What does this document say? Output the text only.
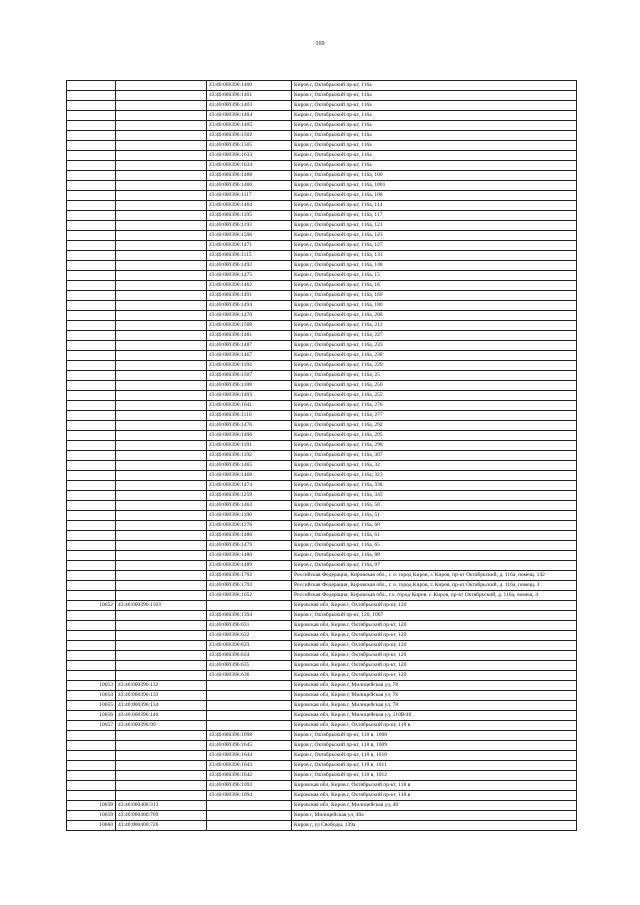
169
		43:40:000396:1400	Киров г, Октябрьский пр-кт, 116а
		43:40:000396:1401	Киров г, Октябрьский пр-кт, 116а
		43:40:000396:1403	Киров г, Октябрьский пр-кт, 116а
		43:40:000396:1404	Киров г, Октябрьский пр-кт, 116а
		43:40:000396:1405	Киров г, Октябрьский пр-кт, 116а
		43:40:000396:1502	Киров г, Октябрьский пр-кт, 116а
		43:40:000396:1505	Киров г, Октябрьский пр-кт, 116а
		43:40:000396:1633	Киров г, Октябрьский пр-кт, 116а
		43:40:000396:1634	Киров г, Октябрьский пр-кт, 116а
		43:40:000396:1488	Киров г, Октябрьский пр-кт, 116а, 100
		43:40:000396:1460	Киров г, Октябрьский пр-кт, 116а, 1001
		43:40:000396:1117	Киров г, Октябрьский пр-кт, 116а, 108
		43:40:000396:1464	Киров г, Октябрьский пр-кт, 116а, 114
		43:40:000396:1195	Киров г, Октябрьский пр-кт, 116а, 117
		43:40:000396:1193	Киров г, Октябрьский пр-кт, 116а, 121
		43:40:000396:1506	Киров г, Октябрьский пр-кт, 116а, 123
		43:40:000396:1471	Киров г, Октябрьский пр-кт, 116а, 127
		43:40:000396:1115	Киров г, Октябрьский пр-кт, 116а, 131
		43:40:000396:1492	Киров г, Октябрьский пр-кт, 116а, 148
		43:40:000396:1475	Киров г, Октябрьский пр-кт, 116а, 15
		43:40:000396:1462	Киров г, Октябрьский пр-кт, 116а, 16
		43:40:000396:1491	Киров г, Октябрьский пр-кт, 116а, 169
		43:40:000396:1494	Киров г, Октябрьский пр-кт, 116а, 180
		43:40:000396:1470	Киров г, Октябрьский пр-кт, 116а, 208
		43:40:000396:1508	Киров г, Октябрьский пр-кт, 116а, 212
		43:40:000396:1481	Киров г, Октябрьский пр-кт, 116а, 227
		43:40:000396:1487	Киров г, Октябрьский пр-кт, 116а, 233
		43:40:000396:1467	Киров г, Октябрьский пр-кт, 116а, 238
		43:40:000396:1194	Киров г, Октябрьский пр-кт, 116а, 239
		43:40:000396:1507	Киров г, Октябрьский пр-кт, 116а, 25
		43:40:000396:1188	Киров г, Октябрьский пр-кт, 116а, 250
		43:40:000396:1493	Киров г, Октябрьский пр-кт, 116а, 255
		43:40:000396:1641	Киров г, Октябрьский пр-кт, 116а, 276
		43:40:000396:1116	Киров г, Октябрьский пр-кт, 116а, 277
		43:40:000396:1476	Киров г, Октябрьский пр-кт, 116а, 292
		43:40:000396:1496	Киров г, Октябрьский пр-кт, 116а, 295
		43:40:000396:1191	Киров г, Октябрьский пр-кт, 116а, 298
		43:40:000396:1192	Киров г, Октябрьский пр-кт, 116а, 307
		43:40:000396:1465	Киров г, Октябрьский пр-кт, 116а, 32
		43:40:000396:1468	Киров г, Октябрьский пр-кт, 116а, 323
		43:40:000396:1474	Киров г, Октябрьский пр-кт, 116а, 338
		43:40:000396:1259	Киров г, Октябрьский пр-кт, 116а, 345
		43:40:000396:1463	Киров г, Октябрьский пр-кт, 116а, 50
		43:40:000396:1190	Киров г, Октябрьский пр-кт, 116а, 51
		43:40:000396:1276	Киров г, Октябрьский пр-кт, 116а, 60
		43:40:000396:1486	Киров г, Октябрьский пр-кт, 116а, 61
		43:40:000396:1479	Киров г, Октябрьский пр-кт, 116а, 65
		43:40:000396:1480	Киров г, Октябрьский пр-кт, 116а, 88
		43:40:000396:1489	Киров г, Октябрьский пр-кт, 116а, 97
		43:40:000396:1792	Российская Федерация, Кировская обл., г. о. город Киров, г. Киров, пр-кт Октябрьский, д. 116а, помещ. 142
		43:40:000396:1793	Российская Федерация, Кировская обл., г. о. город Киров, г. Киров, пр-кт Октябрьский, д. 116а, помещ. 3
		43:40:000396:1652	Российская Федерация, Кировская обл., г.о. город Киров, г. Киров, пр-кт Октябрьский, д. 116а, помещ. 4
10652	43:40:000396:1103		Кировская обл, Киров г, Октябрьский пр-кт, 120
		43:40:000396:1394	Киров г, Октябрьский пр-кт, 120, 1007
		43:40:000396:631	Кировская обл, Киров г, Октябрьский пр-кт, 120
		43:40:000396:632	Кировская обл, Киров г, Октябрьский пр-кт, 120
		43:40:000396:633	Кировская обл, Киров г, Октябрьский пр-кт, 120
		43:40:000396:634	Кировская обл, Киров г, Октябрьский пр-кт, 120
		43:40:000396:635	Кировская обл, Киров г, Октябрьский пр-кт, 120
		43:40:000396:636	Кировская обл, Киров г, Октябрьский пр-кт, 120
10653	43:40:000396:132		Кировская обл, Киров г, Милицейская ул, 78
10654	43:40:000396:133		Кировская обл, Киров г, Милицейская ул, 78
10655	43:40:000396:134		Кировская обл, Киров г, Милицейская ул, 78
10656	43:40:000396:140		Кировская обл, Киров г, Милицейская ул, 110В/40
10657	43:40:000396:99		Кировская обл, Киров г, Октябрьский пр-кт, 118 в
		43:40:000396:1098	Киров г, Октябрьский пр-кт, 118 в, 1008
		43:40:000396:1645	Киров г, Октябрьский пр-кт, 118 в, 1009
		43:40:000396:1644	Киров г, Октябрьский пр-кт, 118 в, 1010
		43:40:000396:1643	Киров г, Октябрьский пр-кт, 118 в, 1011
		43:40:000396:1642	Киров г, Октябрьский пр-кт, 118 в, 1012
		43:40:000396:1093	Кировская обл, Киров г, Октябрьский пр-кт, 118 в
		43:40:000396:1094	Кировская обл, Киров г, Октябрьский пр-кт, 118 в
10658	43:40:000400:313		Кировская обл, Киров г, Милицейская ул, 40
10659	43:40:000400:709		Киров г, Милицейская ул, 40а
10660	43:40:000400:726		Киров г, ул Свободы, 139а
